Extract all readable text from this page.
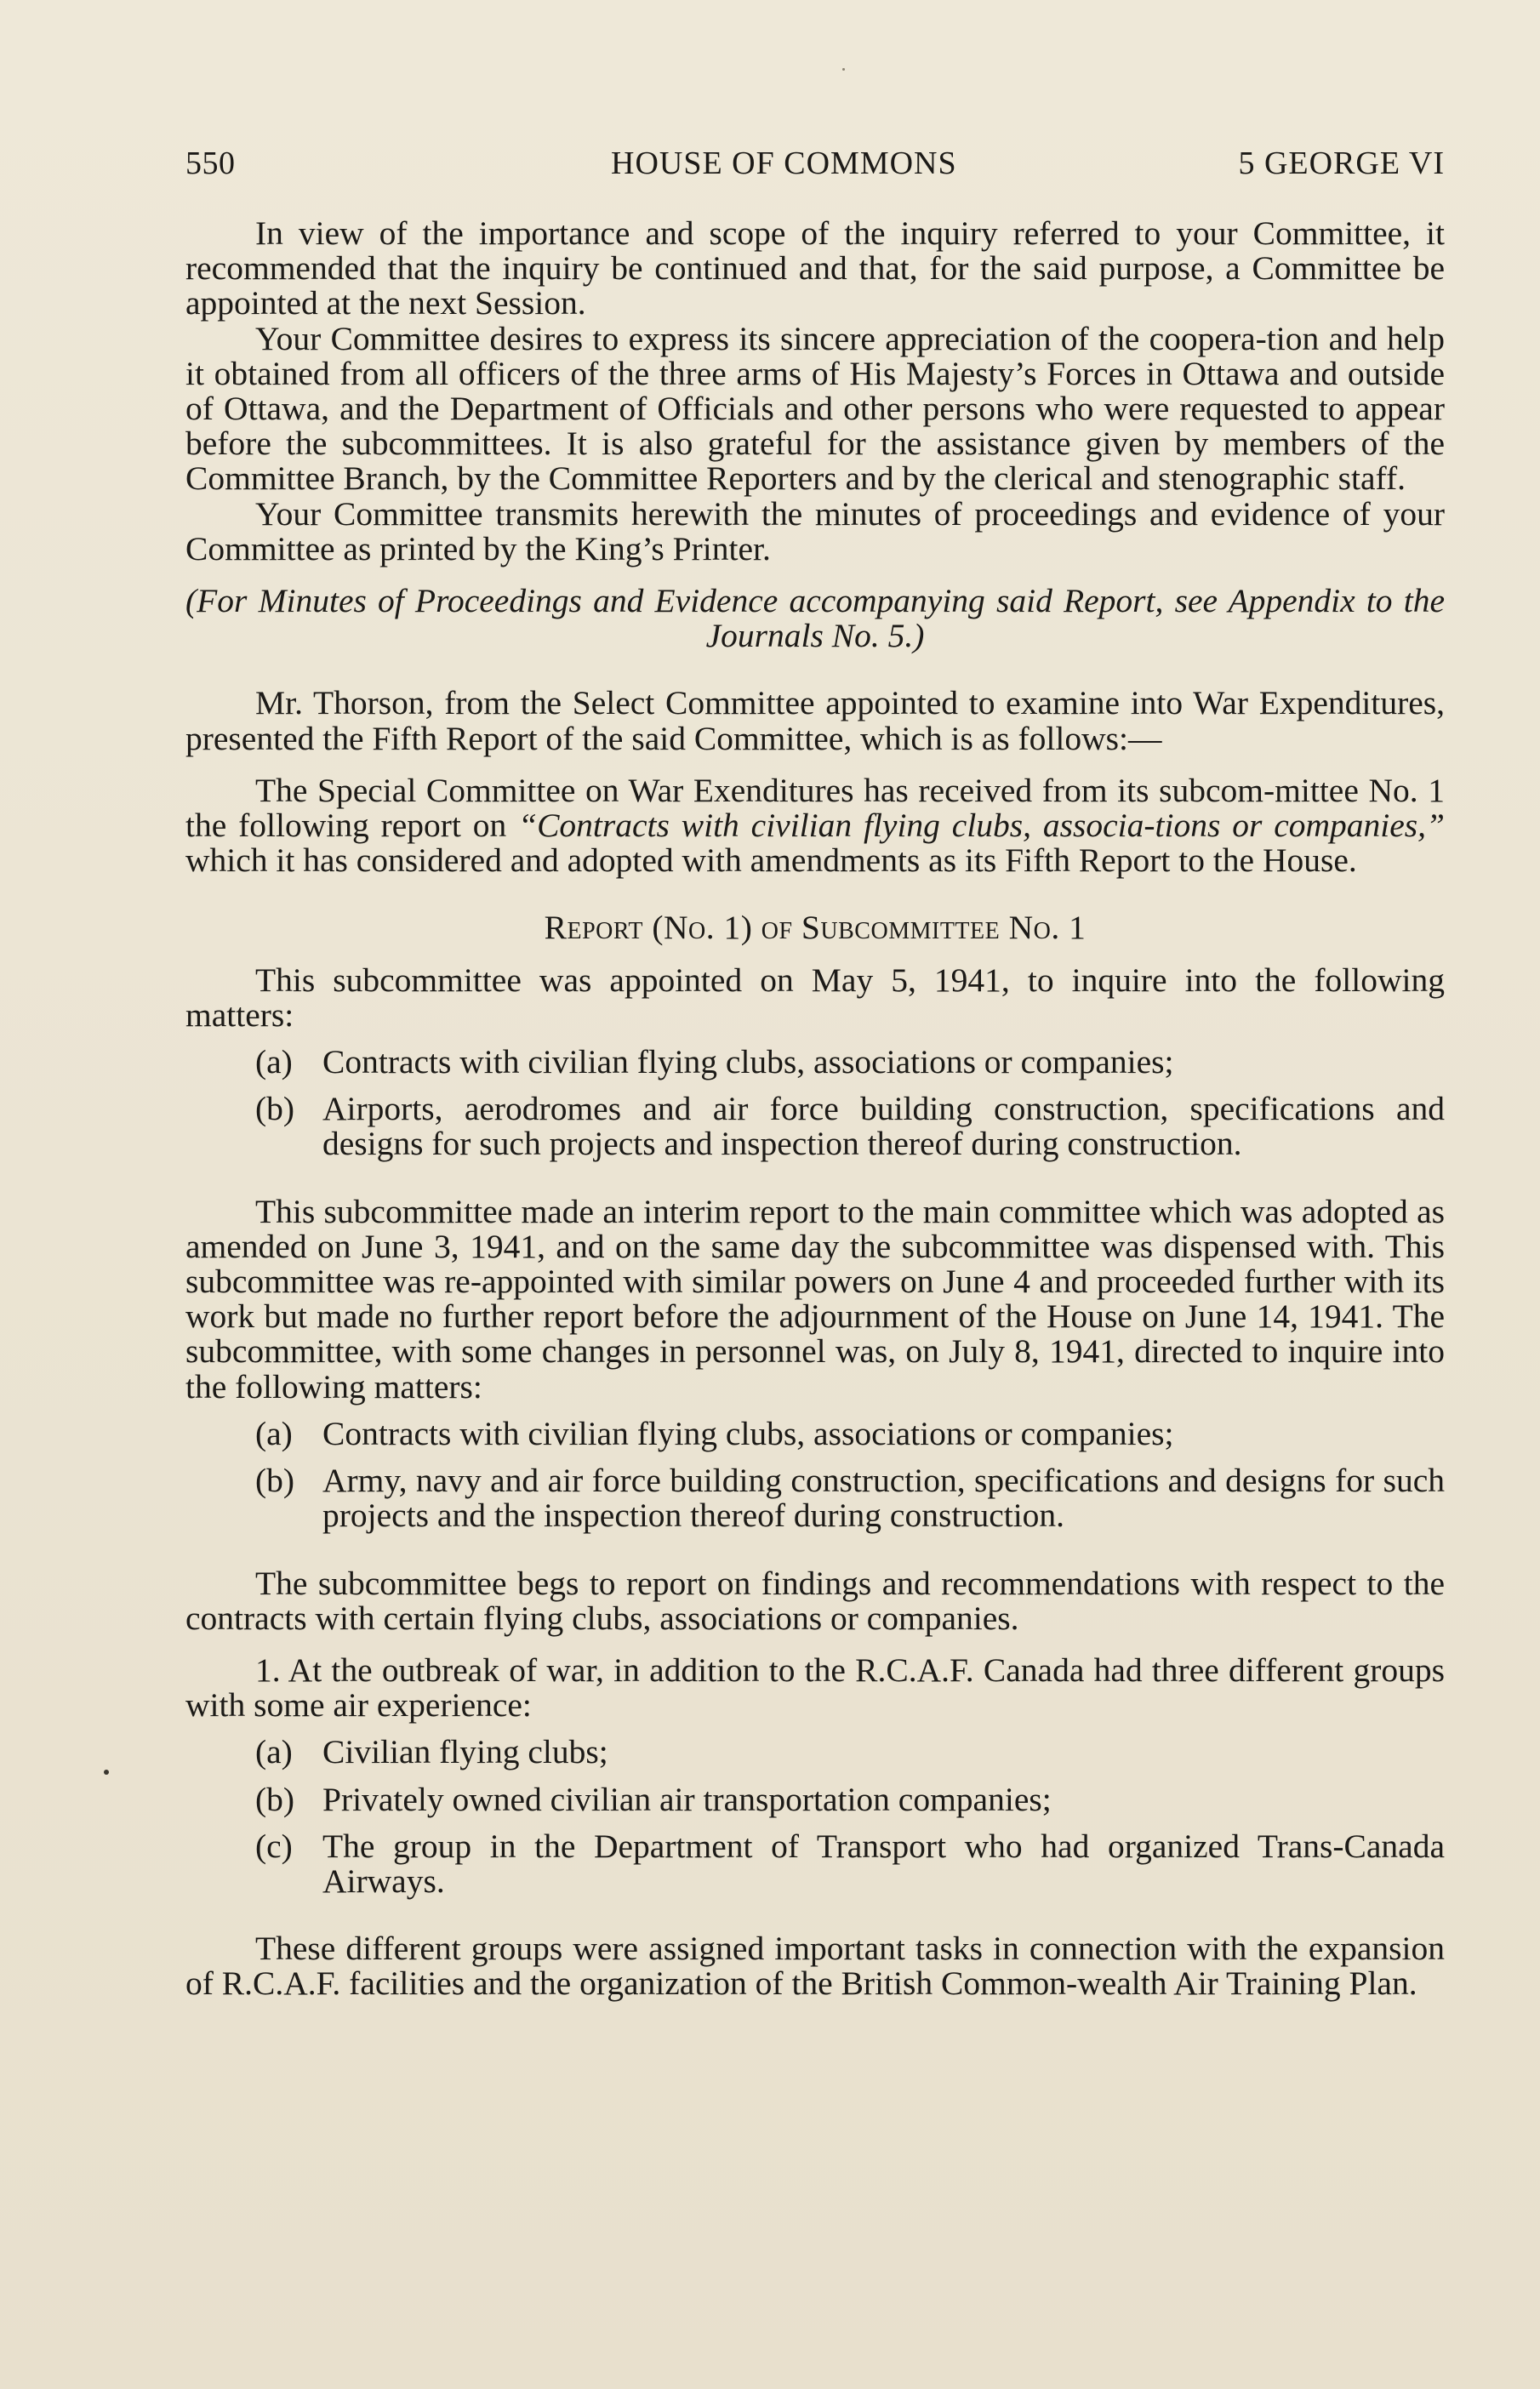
550	HOUSE OF COMMONS	5 GEORGE VI

In view of the importance and scope of the inquiry referred to your Committee, it recommended that the inquiry be continued and that, for the said purpose, a Committee be appointed at the next Session.

Your Committee desires to express its sincere appreciation of the coopera-tion and help it obtained from all officers of the three arms of His Majesty’s Forces in Ottawa and outside of Ottawa, and the Department of Officials and other persons who were requested to appear before the subcommittees. It is also grateful for the assistance given by members of the Committee Branch, by the Committee Reporters and by the clerical and stenographic staff.

Your Committee transmits herewith the minutes of proceedings and evidence of your Committee as printed by the King’s Printer.

(For Minutes of Proceedings and Evidence accompanying said Report, see Appendix to the Journals No. 5.)

Mr. Thorson, from the Select Committee appointed to examine into War Expenditures, presented the Fifth Report of the said Committee, which is as follows:—

The Special Committee on War Exenditures has received from its subcom-mittee No. 1 the following report on “Contracts with civilian flying clubs, associa-tions or companies,” which it has considered and adopted with amendments as its Fifth Report to the House.

Report (No. 1) of Subcommittee No. 1

This subcommittee was appointed on May 5, 1941, to inquire into the following matters:

(a) Contracts with civilian flying clubs, associations or companies;
(b) Airports, aerodromes and air force building construction, specifications and designs for such projects and inspection thereof during construction.

This subcommittee made an interim report to the main committee which was adopted as amended on June 3, 1941, and on the same day the subcommittee was dispensed with. This subcommittee was re-appointed with similar powers on June 4 and proceeded further with its work but made no further report before the adjournment of the House on June 14, 1941. The subcommittee, with some changes in personnel was, on July 8, 1941, directed to inquire into the following matters:

(a) Contracts with civilian flying clubs, associations or companies;
(b) Army, navy and air force building construction, specifications and designs for such projects and the inspection thereof during construction.

The subcommittee begs to report on findings and recommendations with respect to the contracts with certain flying clubs, associations or companies.

1. At the outbreak of war, in addition to the R.C.A.F. Canada had three different groups with some air experience:

(a) Civilian flying clubs;
(b) Privately owned civilian air transportation companies;
(c) The group in the Department of Transport who had organized Trans-Canada Airways.

These different groups were assigned important tasks in connection with the expansion of R.C.A.F. facilities and the organization of the British Common-wealth Air Training Plan.
